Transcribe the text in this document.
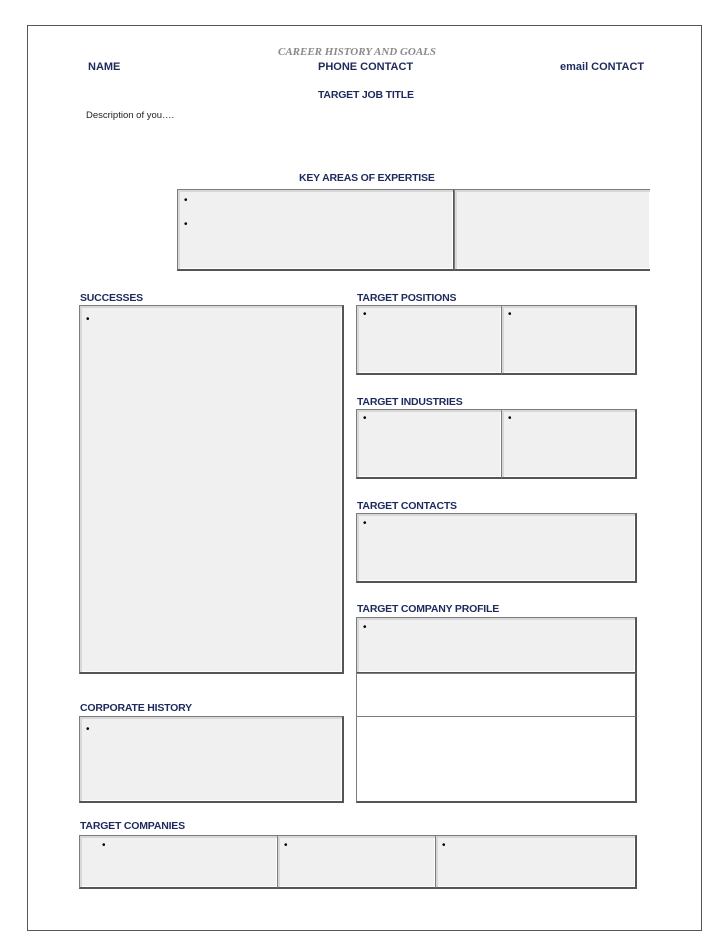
CAREER HISTORY AND GOALS
NAME	PHONE CONTACT	email CONTACT
TARGET JOB TITLE
Description of you….
KEY AREAS OF EXPERTISE
•
•
SUCCESSES
•
TARGET POSITIONS
•	•
TARGET INDUSTRIES
•	•
TARGET CONTACTS
•
TARGET COMPANY PROFILE
•
CORPORATE HISTORY
•
TARGET COMPANIES
•	•	•
